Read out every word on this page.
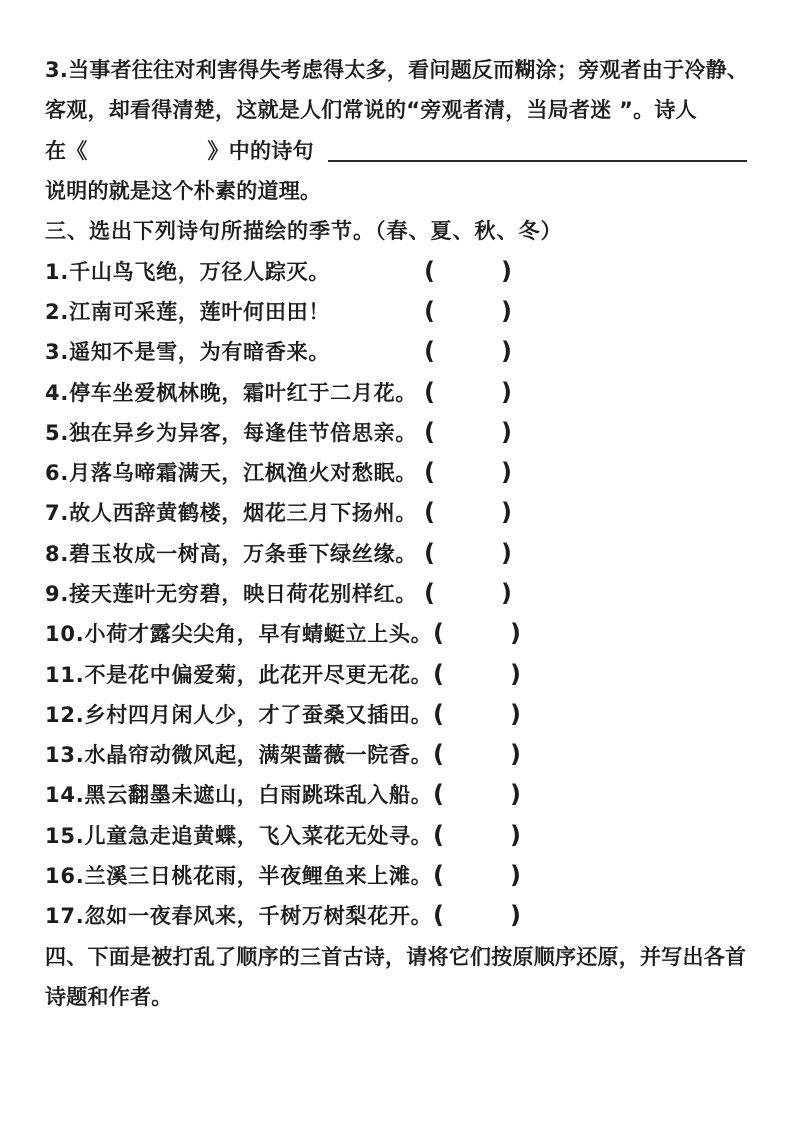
3.当事者往往对利害得失考虑得太多，看问题反而糊涂；旁观者由于冷静、
客观，却看得清楚，这就是人们常说的“旁观者清，当局者迷 ”。诗人
在《	》中的诗句
说明的就是这个朴素的道理。
三、选出下列诗句所描绘的季节。（春、夏、秋、冬）
1.千山鸟飞绝，万径人踪灭。	(	)
2.江南可采莲，莲叶何田田！	(	)
3.遥知不是雪，为有暗香来。	(	)
4.停车坐爱枫林晚，霜叶红于二月花。 (	)
5.独在异乡为异客，每逢佳节倍思亲。 (	)
6.月落乌啼霜满天，江枫渔火对愁眠。 (	)
7.故人西辞黄鹤楼，烟花三月下扬州。 (	)
8.碧玉妆成一树高，万条垂下绿丝缘。 (	)
9.接天莲叶无穷碧，映日荷花别样红。 (	)
10.小荷才露尖尖角，早有蜻蜓立上头。 (	)
11.不是花中偏爱菊，此花开尽更无花。 (	)
12.乡村四月闲人少，才了蚕桑又插田。 (	)
13.水晶帘动微风起，满架蔷薇一院香。 (	)
14.黑云翻墨未遮山，白雨跳珠乱入船。 (	)
15.儿童急走追黄蝶，飞入菜花无处寻。 (	)
16.兰溪三日桃花雨，半夜鲤鱼来上滩。 (	)
17.忽如一夜春风来，千树万树梨花开。 (	)
四、下面是被打乱了顺序的三首古诗，请将它们按原顺序还原，并写出各首
诗题和作者。
